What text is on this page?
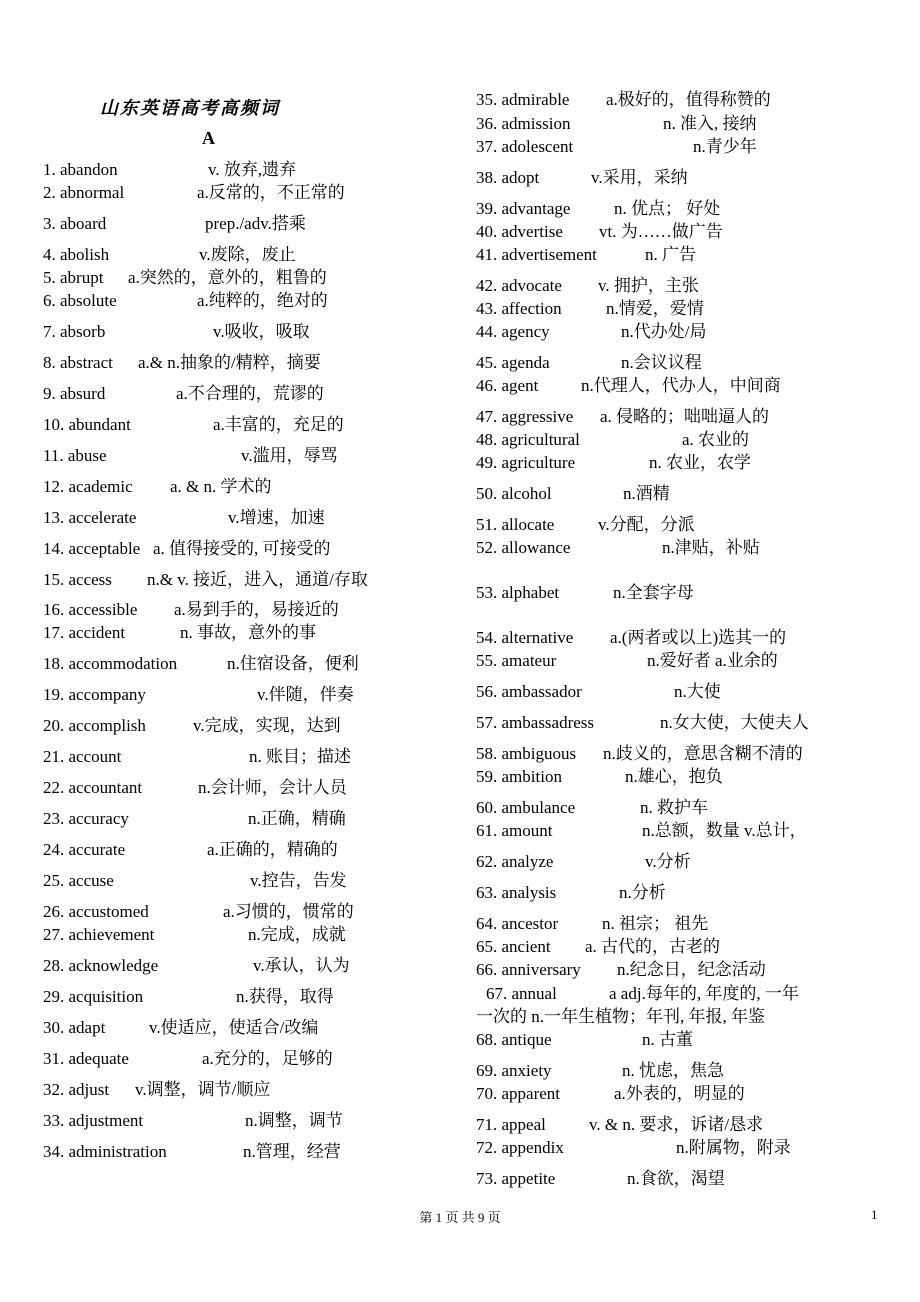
山东英语高考高频词
A
1. abandon	v. 放弃,遗弃
2. abnormal	a.反常的，不正常的
3. aboard	prep./adv.搭乘
4. abolish	v.废除，废止
5. abrupt a.突然的，意外的，粗鲁的
6. absolute	a.纯粹的，绝对的
7. absorb	v.吸收，吸取
8. abstract a.& n.抽象的/精粹，摘要
9. absurd	a.不合理的，荒谬的
10. abundant	a.丰富的，充足的
11. abuse	v.滥用，辱骂
12. academic a. & n. 学术的
13. accelerate	v.增速，加速
14. acceptable a. 值得接受的, 可接受的
15. access n.& v. 接近，进入，通道/存取
16. accessible a.易到手的，易接近的
17. accident	n. 事故，意外的事
18. accommodation	n.住宿设备，便利
19. accompany	v.伴随，伴奏
20. accomplish	v.完成，实现，达到
21. account	n. 账目；描述
22. accountant	n.会计师，会计人员
23. accuracy	n.正确，精确
24. accurate	a.正确的，精确的
25. accuse	v.控告，告发
26. accustomed	a.习惯的，惯常的
27. achievement	n.完成，成就
28. acknowledge	v.承认，认为
29. acquisition	n.获得，取得
30. adapt	v.使适应，使适合/改编
31. adequate	a.充分的，足够的
32. adjust v.调整，调节/顺应
33. adjustment	n.调整，调节
34. administration	n.管理，经营
35. admirable a.极好的，值得称赞的
36. admission	n. 准入, 接纳
37. adolescent	n.青少年
38. adopt	v.采用，采纳
39. advantage	n. 优点； 好处
40. advertise vt. 为……做广告
41. advertisement	n. 广告
42. advocate v. 拥护，主张
43. affection	n.情爱，爱情
44. agency	n.代办处/局
45. agenda	n.会议议程
46. agent	n.代理人，代办人，中间商
47. aggressive a. 侵略的；咄咄逼人的
48. agricultural	a. 农业的
49. agriculture	n. 农业，农学
50. alcohol	n.酒精
51. allocate	v.分配，分派
52. allowance	n.津贴，补贴
53. alphabet	n.全套字母
54. alternative a.(两者或以上)选其一的
55. amateur	n.爱好者 a.业余的
56. ambassador	n.大使
57. ambassadress	n.女大使，大使夫人
58. ambiguous n.歧义的，意思含糊不清的
59. ambition	n.雄心，抱负
60. ambulance	n. 救护车
61. amount	n.总额，数量 v.总计，
62. analyze	v.分析
63. analysis	n.分析
64. ancestor	n. 祖宗； 祖先
65. ancient a. 古代的，古老的
66. anniversary n.纪念日，纪念活动
67. annual	a adj.每年的, 年度的, 一年
一次的 n.一年生植物；年刊, 年报, 年鉴
68. antique	n. 古董
69. anxiety	n. 忧虑，焦急
70. apparent	a.外表的，明显的
71. appeal	v. & n. 要求，诉诸/恳求
72. appendix	n.附属物，附录
73. appetite	n.食欲，渴望
第 1 页 共 9 页	1
